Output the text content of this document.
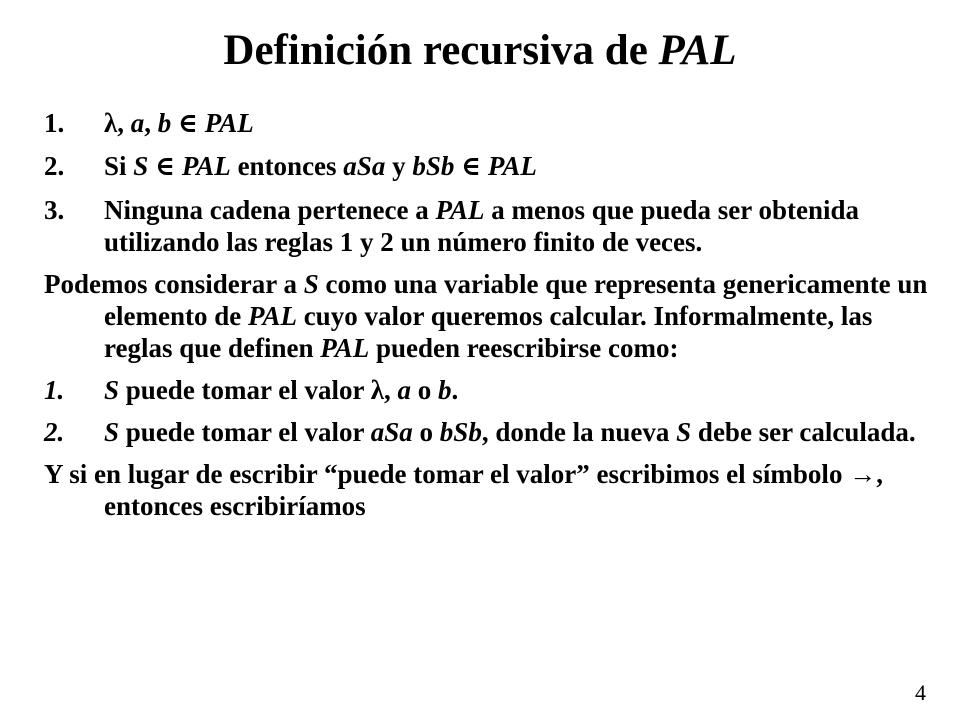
Definición recursiva de PAL

1. λ, a, b ∈ PAL

2. Si S ∈ PAL entonces aSa y bSb ∈ PAL

3. Ninguna cadena pertenece a PAL a menos que pueda ser obtenida utilizando las reglas 1 y 2 un número finito de veces.

Podemos considerar a S como una variable que representa genericamente un elemento de PAL cuyo valor queremos calcular. Informalmente, las reglas que definen PAL pueden reescribirse como:

1. S puede tomar el valor λ, a o b.

2. S puede tomar el valor aSa o bSb, donde la nueva S debe ser calculada.

Y si en lugar de escribir “puede tomar el valor” escribimos el símbolo →, entonces escribiríamos

4
